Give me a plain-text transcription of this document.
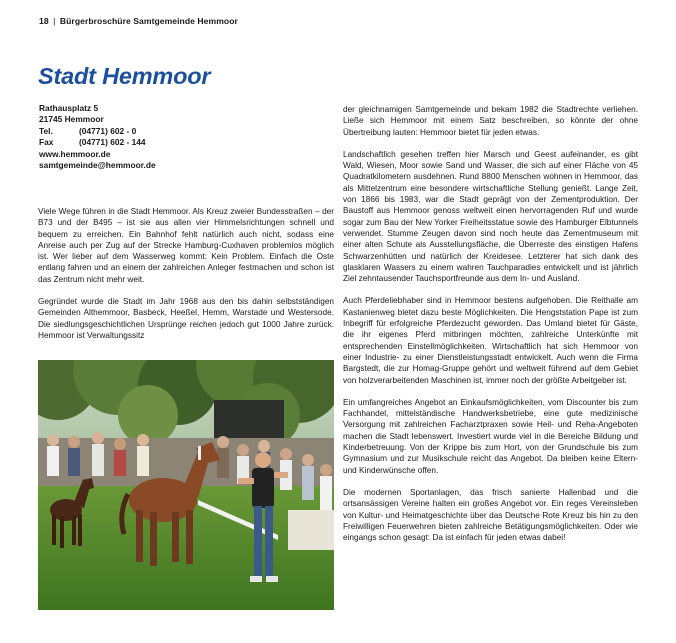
18 | Bürgerbroschüre Samtgemeinde Hemmoor
Stadt Hemmoor
Rathausplatz 5
21745 Hemmoor
Tel.	(04771) 602 - 0
Fax	(04771) 602 - 144
www.hemmoor.de
samtgemeinde@hemmoor.de

Viele Wege führen in die Stadt Hemmoor. Als Kreuz zweier Bundesstraßen – der B73 und der B495 – ist sie aus allen vier Himmelsrichtungen schnell und bequem zu erreichen. Ein Bahnhof fehlt natürlich auch nicht, sodass eine Anreise auch per Zug auf der Strecke Hamburg-Cuxhaven problemlos möglich ist. Wer lieber auf dem Wasserweg kommt: Kein Problem. Einfach die Oste entlang fahren und an einem der zahlreichen Anleger festmachen und schon ist das Zentrum nicht mehr weit.

Gegründet wurde die Stadt im Jahr 1968 aus den bis dahin selbstständigen Gemeinden Althemmoor, Basbeck, Heeßel, Hemm, Warstade und Westersode. Die siedlungsgeschichtlichen Ursprünge reichen jedoch gut 1000 Jahre zurück. Hemmoor ist Verwaltungssitz

der gleichnamigen Samtgemeinde und bekam 1982 die Stadtrechte verliehen. Ließe sich Hemmoor mit einem Satz beschreiben, so könnte der ohne Übertreibung lauten: Hemmoor bietet für jeden etwas.

Landschaftlich gesehen treffen hier Marsch und Geest aufeinander, es gibt Wald, Wiesen, Moor sowie Sand und Wasser, die sich auf einer Fläche von 45 Quadratkilometern ausdehnen. Rund 8800 Menschen wohnen in Hemmoor, das als Mittelzentrum eine besondere wirtschaftliche Stellung genießt. Lange Zeit, von 1866 bis 1983, war die Stadt geprägt von der Zementproduktion. Der Baustoff aus Hemmoor genoss weltweit einen hervorragenden Ruf und wurde sogar zum Bau der New Yorker Freiheitsstatue sowie des Hamburger Elbtunnels verwendet. Stumme Zeugen davon sind noch heute das Zementmuseum mit einer alten Schute als Ausstellungsfläche, die Überreste des einstigen Hafens Schwarzenhütten und natürlich der Kreidesee. Letzterer hat sich dank des glasklaren Wassers zu einem wahren Tauchparadies entwickelt und ist jährlich Ziel zehntausender Tauchsportfreunde aus dem In- und Ausland.

Auch Pferdeliebhaber sind in Hemmoor bestens aufgehoben. Die Reithalle am Kastanienweg bietet dazu beste Möglichkeiten. Die Hengststation Pape ist zum Inbegriff für erfolgreiche Pferdezucht geworden. Das Umland bietet für Gäste, die ihr eigenes Pferd mitbringen möchten, zahlreiche Unterkünfte mit entsprechenden Einstellmöglichkeiten. Wirtschaftlich hat sich Hemmoor von einer Industrie- zu einer Dienstleistungsstadt entwickelt. Auch wenn die Firma Bargstedt, die zur Homag-Gruppe gehört und weltweit führend auf dem Gebiet von holzverarbeitenden Maschinen ist, immer noch der größte Arbeitgeber ist.

Ein umfangreiches Angebot an Einkaufsmöglichkeiten, vom Discounter bis zum Fachhandel, mittelständische Handwerksbetriebe, eine gute medizinische Versorgung mit zahlreichen Facharztpraxen sowie Heil- und Reha-Angeboten machen die Stadt lebenswert. Investiert wurde viel in die Bereiche Bildung und Kinderbetreuung. Von der Krippe bis zum Hort, von der Grundschule bis zum Gymnasium und zur Musikschule reicht das Angebot. Da bleiben keine Eltern- und Kinderwünsche offen.

Die modernen Sportanlagen, das frisch sanierte Hallenbad und die ortsansässigen Vereine halten ein großes Angebot vor. Ein reges Vereinsleben von Kultur- und Heimatgeschichte über das Deutsche Rote Kreuz bis hin zu den Freiwilligen Feuerwehren bieten zahlreiche Betätigungsmöglichkeiten. Oder wie eingangs schon gesagt: Da ist einfach für jeden etwas dabei!
